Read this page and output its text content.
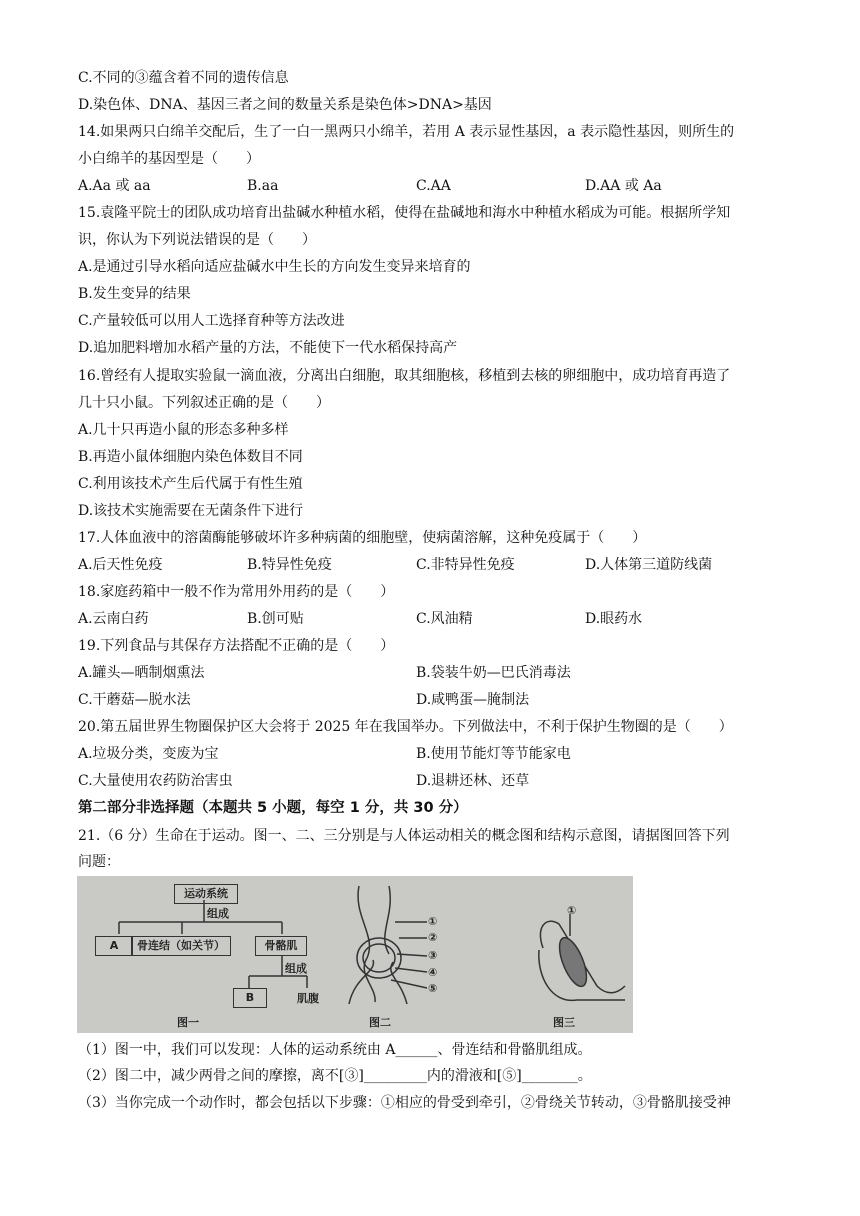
C.不同的③蕴含着不同的遗传信息
D.染色体、DNA、基因三者之间的数量关系是染色体>DNA>基因
14.如果两只白绵羊交配后，生了一白一黑两只小绵羊，若用 A 表示显性基因，a 表示隐性基因，则所生的
小白绵羊的基因型是（　　）
A.Aa 或 aa	B.aa	C.AA	D.AA 或 Aa
15.袁隆平院士的团队成功培育出盐碱水种植水稻，使得在盐碱地和海水中种植水稻成为可能。根据所学知
识，你认为下列说法错误的是（　　）
A.是通过引导水稻向适应盐碱水中生长的方向发生变异来培育的
B.发生变异的结果
C.产量较低可以用人工选择育种等方法改进
D.追加肥料增加水稻产量的方法，不能使下一代水稻保持高产
16.曾经有人提取实验鼠一滴血液，分离出白细胞，取其细胞核，移植到去核的卵细胞中，成功培育再造了
几十只小鼠。下列叙述正确的是（　　）
A.几十只再造小鼠的形态多种多样
B.再造小鼠体细胞内染色体数目不同
C.利用该技术产生后代属于有性生殖
D.该技术实施需要在无菌条件下进行
17.人体血液中的溶菌酶能够破坏许多种病菌的细胞壁，使病菌溶解，这种免疫属于（　　）
A.后天性免疫	B.特异性免疫	C.非特异性免疫	D.人体第三道防线菌
18.家庭药箱中一般不作为常用外用药的是（　　）
A.云南白药	B.创可贴	C.风油精	D.眼药水
19.下列食品与其保存方法搭配不正确的是（　　）
A.罐头—晒制烟熏法	B.袋装牛奶—巴氏消毒法
C.干蘑菇—脱水法	D.咸鸭蛋—腌制法
20.第五届世界生物圈保护区大会将于 2025 年在我国举办。下列做法中，不利于保护生物圈的是（　　）
A.垃圾分类，变废为宝	B.使用节能灯等节能家电
C.大量使用农药防治害虫	D.退耕还林、还草
第二部分非选择题（本题共 5 小题，每空 1 分，共 30 分）
21.（6 分）生命在于运动。图一、二、三分别是与人体运动相关的概念图和结构示意图，请据图回答下列
问题：
运动系统
组成
A	骨连结（如关节）	骨骼肌
组成
B	肌腹
①
②
③
④
⑤
①
图一	图二	图三
（1）图一中，我们可以发现：人体的运动系统由 A______、骨连结和骨骼肌组成。
（2）图二中，减少两骨之间的摩擦，离不[③]_________内的滑液和[⑤]________。
（3）当你完成一个动作时，都会包括以下步骤：①相应的骨受到牵引，②骨绕关节转动，③骨骼肌接受神
